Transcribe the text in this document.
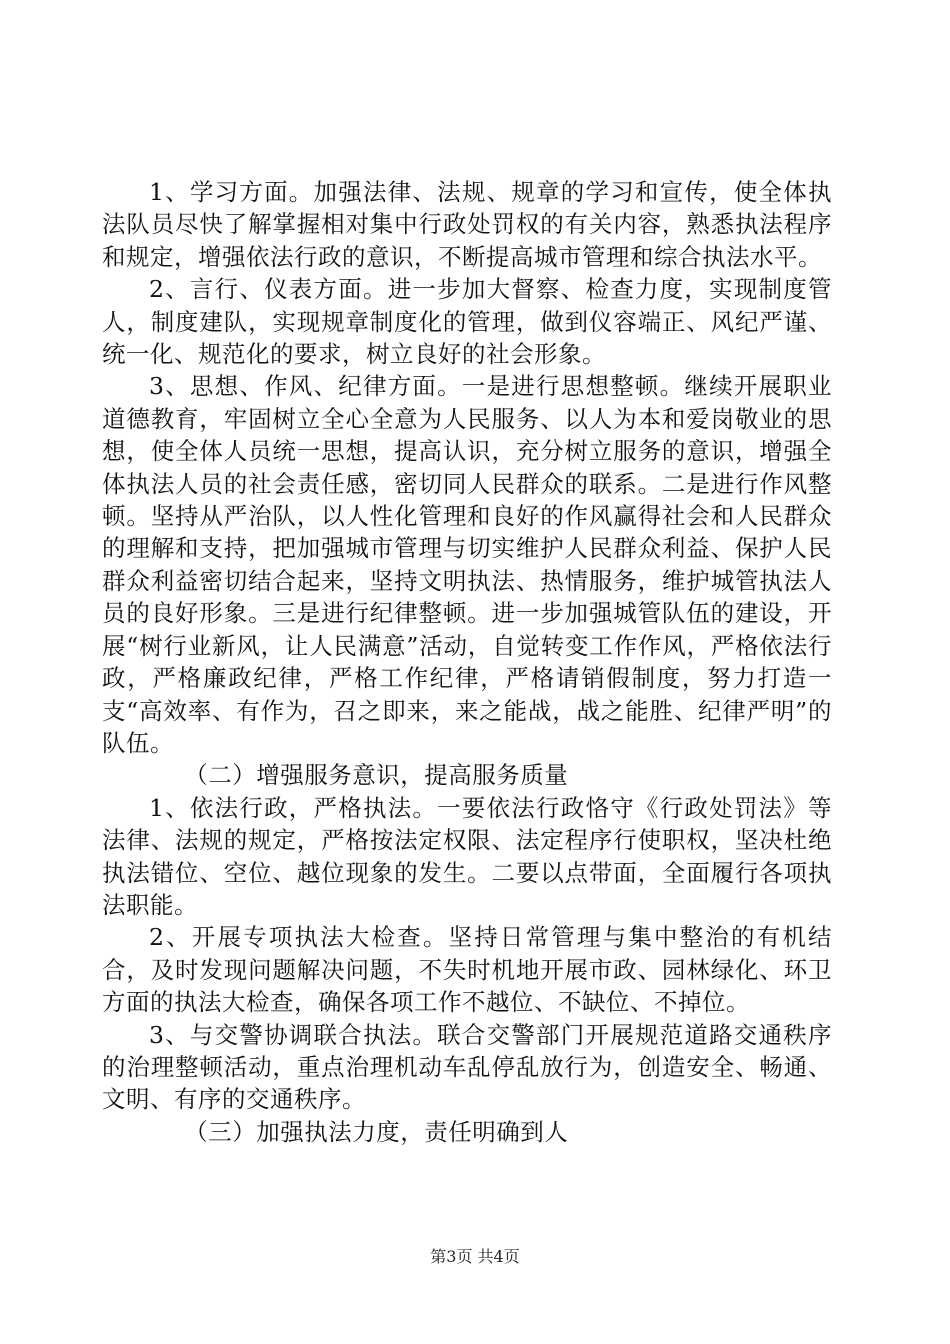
1、学习方面。加强法律、法规、规章的学习和宣传，使全体执法队员尽快了解掌握相对集中行政处罚权的有关内容，熟悉执法程序和规定，增强依法行政的意识，不断提高城市管理和综合执法水平。

2、言行、仪表方面。进一步加大督察、检查力度，实现制度管人，制度建队，实现规章制度化的管理，做到仪容端正、风纪严谨、统一化、规范化的要求，树立良好的社会形象。

3、思想、作风、纪律方面。一是进行思想整顿。继续开展职业道德教育，牢固树立全心全意为人民服务、以人为本和爱岗敬业的思想，使全体人员统一思想，提高认识，充分树立服务的意识，增强全体执法人员的社会责任感，密切同人民群众的联系。二是进行作风整顿。坚持从严治队，以人性化管理和良好的作风赢得社会和人民群众的理解和支持，把加强城市管理与切实维护人民群众利益、保护人民群众利益密切结合起来，坚持文明执法、热情服务，维护城管执法人员的良好形象。三是进行纪律整顿。进一步加强城管队伍的建设，开展“树行业新风，让人民满意”活动，自觉转变工作作风，严格依法行政，严格廉政纪律，严格工作纪律，严格请销假制度，努力打造一支“高效率、有作为，召之即来，来之能战，战之能胜、纪律严明”的队伍。

（二）增强服务意识，提高服务质量

1、依法行政，严格执法。一要依法行政恪守《行政处罚法》等法律、法规的规定，严格按法定权限、法定程序行使职权，坚决杜绝执法错位、空位、越位现象的发生。二要以点带面，全面履行各项执法职能。

2、开展专项执法大检查。坚持日常管理与集中整治的有机结合，及时发现问题解决问题，不失时机地开展市政、园林绿化、环卫方面的执法大检查，确保各项工作不越位、不缺位、不掉位。

3、与交警协调联合执法。联合交警部门开展规范道路交通秩序的治理整顿活动，重点治理机动车乱停乱放行为，创造安全、畅通、文明、有序的交通秩序。

（三）加强执法力度，责任明确到人

第3页 共4页
